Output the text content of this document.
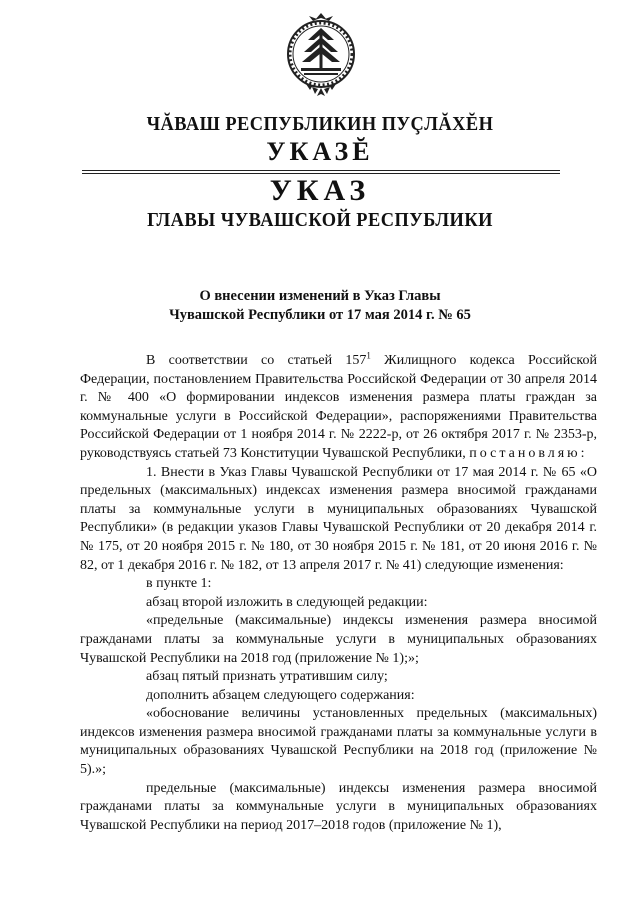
ЧĂВАШ РЕСПУБЛИКИН ПУÇЛĂХĔН
УКАЗĔ
УКАЗ
ГЛАВЫ ЧУВАШСКОЙ РЕСПУБЛИКИ
О внесении изменений в Указ Главы
Чувашской Республики от 17 мая 2014 г. № 65

В соответствии со статьей $157^1$ Жилищного кодекса Российской Федерации, постановлением Правительства Российской Федерации от 30 апреля 2014 г. № 400 «О формировании индексов изменения размера платы граждан за коммунальные услуги в Российской Федерации», распоряжениями Правительства Российской Федерации от 1 ноября 2014 г. № 2222-р, от 26 октября 2017 г. № 2353-р, руководствуясь статьей 73 Конституции Чувашской Республики, постановляю:

1. Внести в Указ Главы Чувашской Республики от 17 мая 2014 г. № 65 «О предельных (максимальных) индексах изменения размера вносимой гражданами платы за коммунальные услуги в муниципальных образованиях Чувашской Республики» (в редакции указов Главы Чувашской Республики от 20 декабря 2014 г. № 175, от 20 ноября 2015 г. № 180, от 30 ноября 2015 г. № 181, от 20 июня 2016 г. № 82, от 1 декабря 2016 г. № 182, от 13 апреля 2017 г. № 41) следующие изменения:

в пункте 1:

абзац второй изложить в следующей редакции:

«предельные (максимальные) индексы изменения размера вносимой гражданами платы за коммунальные услуги в муниципальных образованиях Чувашской Республики на 2018 год (приложение № 1);»;

абзац пятый признать утратившим силу;

дополнить абзацем следующего содержания:

«обоснование величины установленных предельных (максимальных) индексов изменения размера вносимой гражданами платы за коммунальные услуги в муниципальных образованиях Чувашской Республики на 2018 год (приложение № 5).»;

предельные (максимальные) индексы изменения размера вносимой гражданами платы за коммунальные услуги в муниципальных образованиях Чувашской Республики на период 2017–2018 годов (приложение № 1),
